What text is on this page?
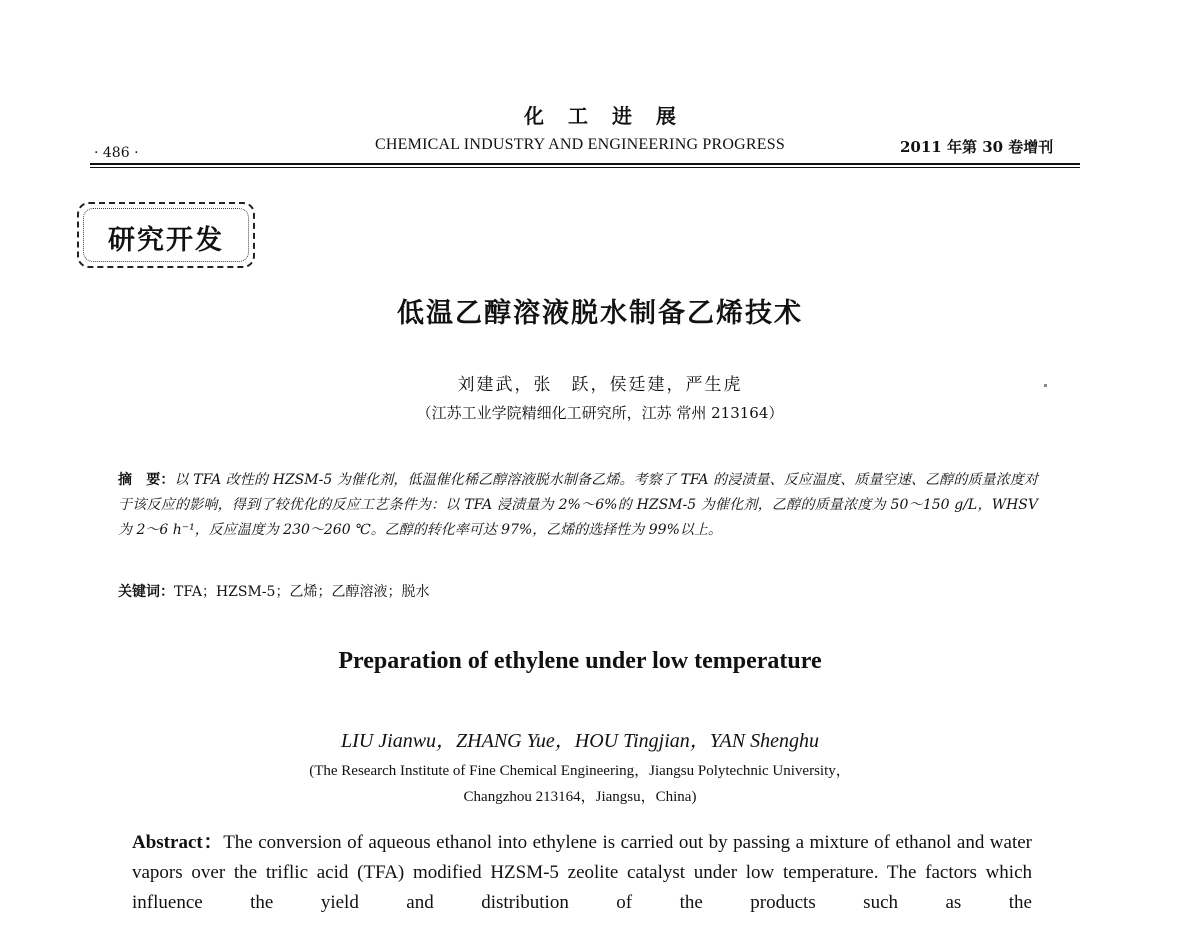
化工进展
CHEMICAL INDUSTRY AND ENGINEERING PROGRESS
· 486 ·	2011 年第 30 卷增刊
研究开发
低温乙醇溶液脱水制备乙烯技术
刘建武，张　跃，侯廷建，严生虎
（江苏工业学院精细化工研究所，江苏 常州 213164）
摘　要：以 TFA 改性的 HZSM-5 为催化剂，低温催化稀乙醇溶液脱水制备乙烯。考察了 TFA 的浸渍量、反应温度、质量空速、乙醇的质量浓度对于该反应的影响，得到了较优化的反应工艺条件为：以 TFA 浸渍量为 2%～6%的 HZSM-5 为催化剂，乙醇的质量浓度为 50～150 g/L，WHSV 为 2～6 h⁻¹，反应温度为 230～260 ℃。乙醇的转化率可达 97%，乙烯的选择性为 99%以上。
关键词：TFA；HZSM-5；乙烯；乙醇溶液；脱水
Preparation of ethylene under low temperature
LIU Jianwu，ZHANG Yue，HOU Tingjian，YAN Shenghu
(The Research Institute of Fine Chemical Engineering，Jiangsu Polytechnic University，
Changzhou 213164，Jiangsu，China)
Abstract：The conversion of aqueous ethanol into ethylene is carried out by passing a mixture of ethanol and water vapors over the triflic acid (TFA) modified HZSM-5 zeolite catalyst under low temperature. The factors which influence the yield and distribution of the products such as the
